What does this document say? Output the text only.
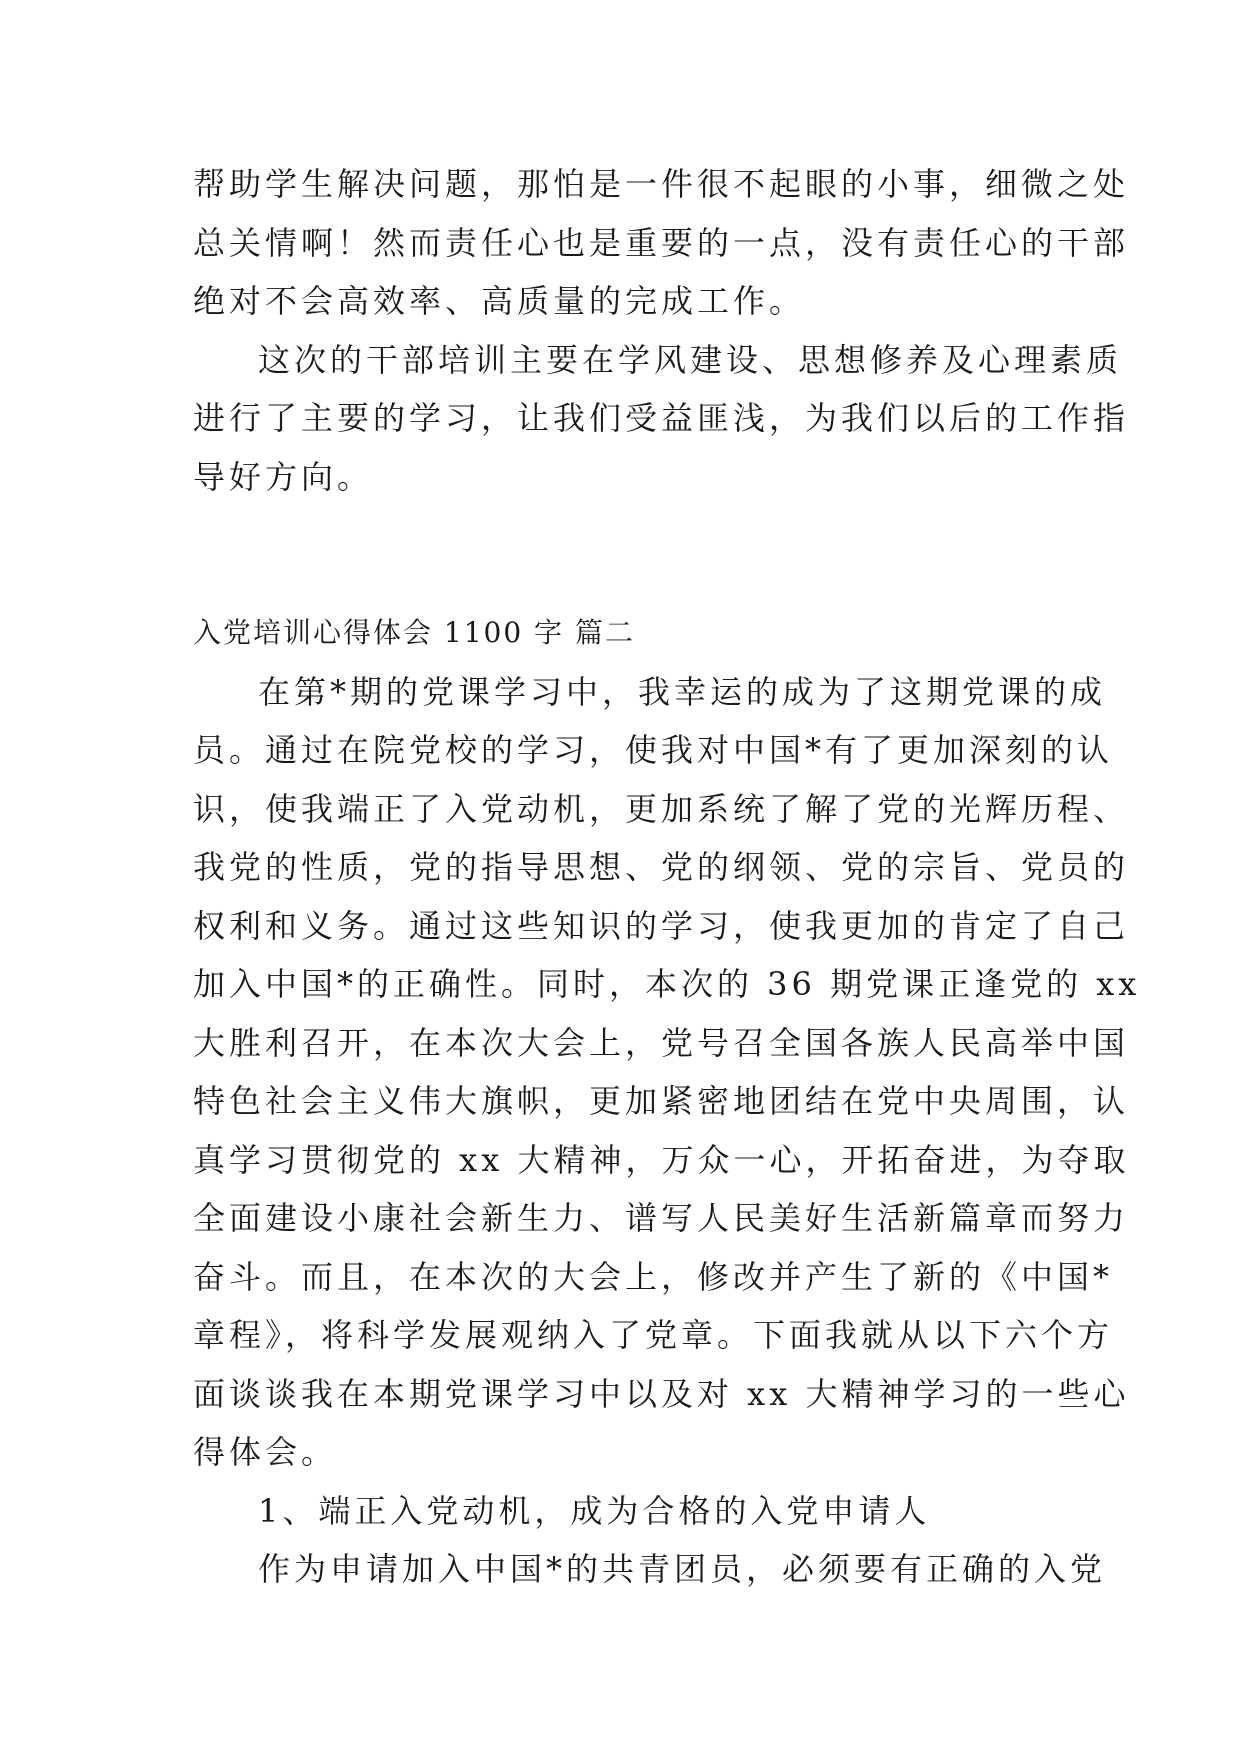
帮助学生解决问题，那怕是一件很不起眼的小事，细微之处
总关情啊！然而责任心也是重要的一点，没有责任心的干部
绝对不会高效率、高质量的完成工作。
这次的干部培训主要在学风建设、思想修养及心理素质
进行了主要的学习，让我们受益匪浅，为我们以后的工作指
导好方向。
入党培训心得体会 1100 字 篇二
在第*期的党课学习中，我幸运的成为了这期党课的成
员。通过在院党校的学习，使我对中国*有了更加深刻的认
识，使我端正了入党动机，更加系统了解了党的光辉历程、
我党的性质，党的指导思想、党的纲领、党的宗旨、党员的
权利和义务。通过这些知识的学习，使我更加的肯定了自己
加入中国*的正确性。同时，本次的 36 期党课正逢党的 xx
大胜利召开，在本次大会上，党号召全国各族人民高举中国
特色社会主义伟大旗帜，更加紧密地团结在党中央周围，认
真学习贯彻党的 xx 大精神，万众一心，开拓奋进，为夺取
全面建设小康社会新生力、谱写人民美好生活新篇章而努力
奋斗。而且，在本次的大会上，修改并产生了新的《中国*
章程》，将科学发展观纳入了党章。下面我就从以下六个方
面谈谈我在本期党课学习中以及对 xx 大精神学习的一些心
得体会。
1、端正入党动机，成为合格的入党申请人
作为申请加入中国*的共青团员，必须要有正确的入党
